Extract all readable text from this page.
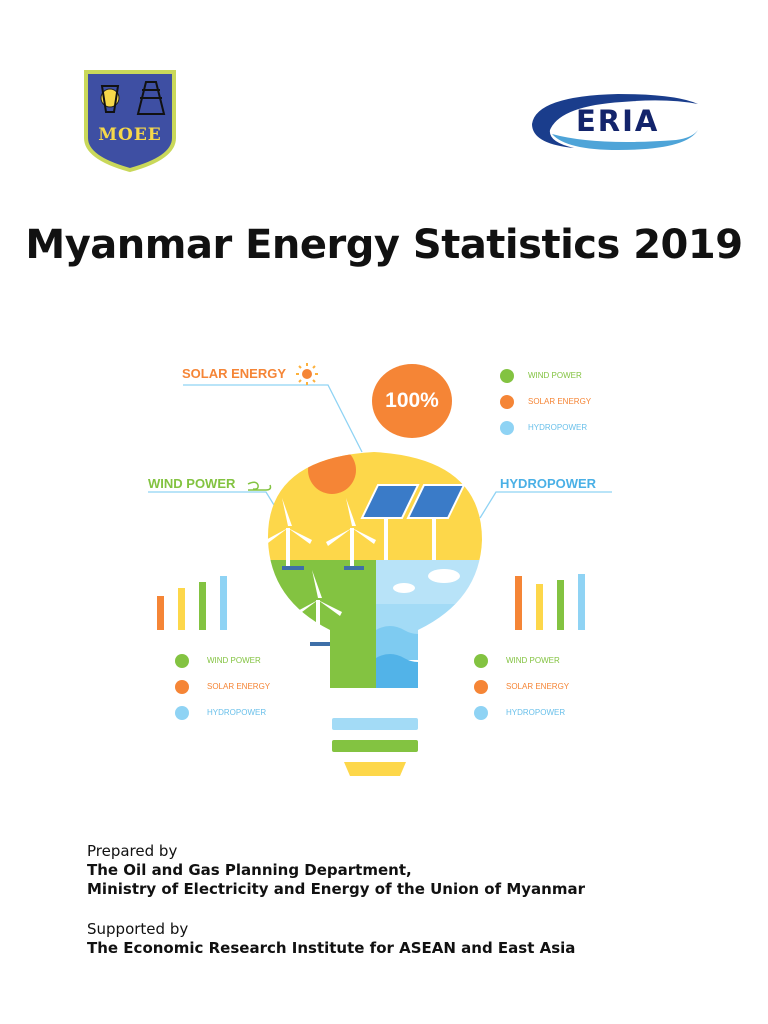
MOEE	ERIA
Myanmar Energy Statistics 2019
SOLAR ENERGY
WIND POWER	HYDROPOWER
100%
WIND POWER
SOLAR ENERGY
HYDROPOWER
WIND POWER
SOLAR ENERGY
HYDROPOWER
WIND POWER
SOLAR ENERGY
HYDROPOWER
Prepared by
The Oil and Gas Planning Department,
Ministry of Electricity and Energy of the Union of Myanmar
Supported by
The Economic Research Institute for ASEAN and East Asia
